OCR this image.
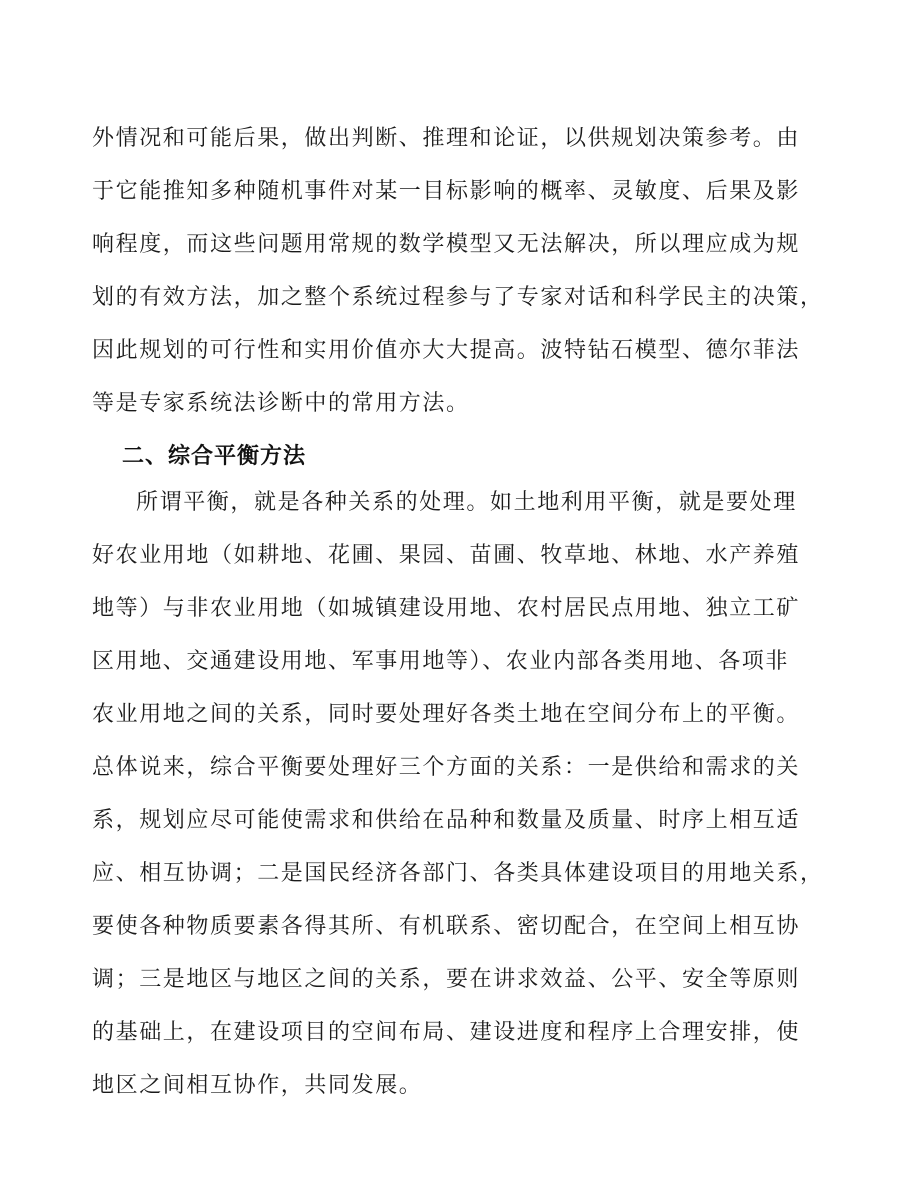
外情况和可能后果，做出判断、推理和论证，以供规划决策参考。由

于它能推知多种随机事件对某一目标影响的概率、灵敏度、后果及影

响程度，而这些问题用常规的数学模型又无法解决，所以理应成为规

划的有效方法，加之整个系统过程参与了专家对话和科学民主的决策，

因此规划的可行性和实用价值亦大大提高。波特钻石模型、德尔菲法

等是专家系统法诊断中的常用方法。

二、综合平衡方法

所谓平衡，就是各种关系的处理。如土地利用平衡，就是要处理

好农业用地（如耕地、花圃、果园、苗圃、牧草地、林地、水产养殖

地等）与非农业用地（如城镇建设用地、农村居民点用地、独立工矿

区用地、交通建设用地、军事用地等）、农业内部各类用地、各项非

农业用地之间的关系，同时要处理好各类土地在空间分布上的平衡。

总体说来，综合平衡要处理好三个方面的关系：一是供给和需求的关

系，规划应尽可能使需求和供给在品种和数量及质量、时序上相互适

应、相互协调；二是国民经济各部门、各类具体建设项目的用地关系，

要使各种物质要素各得其所、有机联系、密切配合，在空间上相互协

调；三是地区与地区之间的关系，要在讲求效益、公平、安全等原则

的基础上，在建设项目的空间布局、建设进度和程序上合理安排，使

地区之间相互协作，共同发展。
